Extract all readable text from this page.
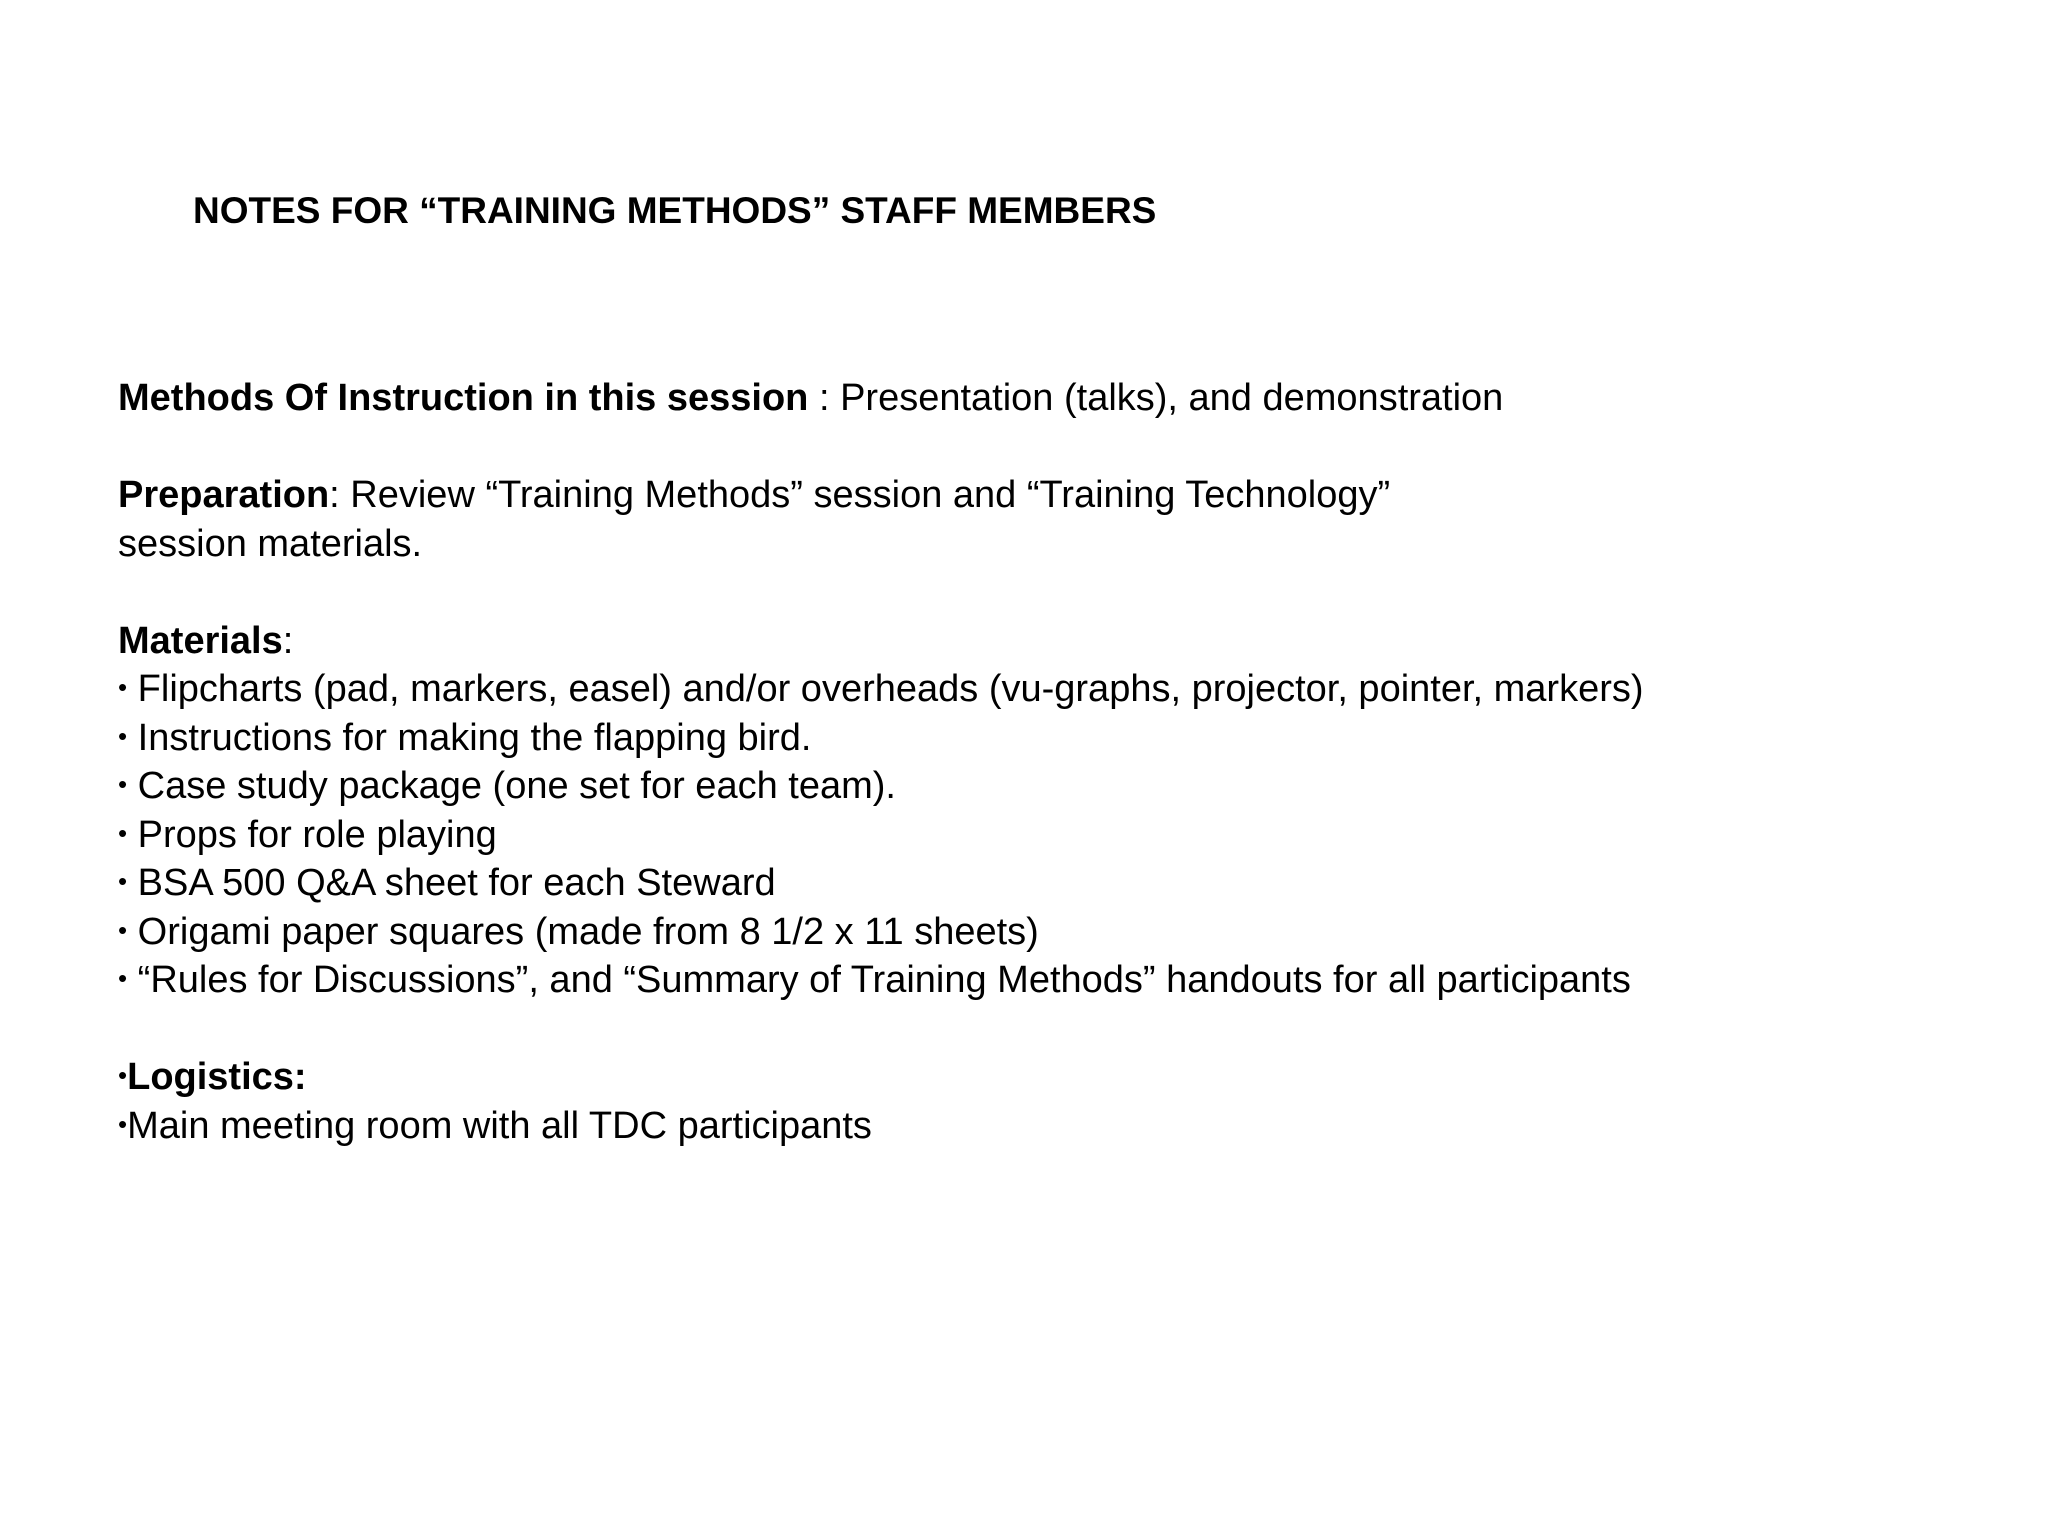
NOTES FOR “TRAINING METHODS” STAFF MEMBERS

Methods Of Instruction in this session : Presentation (talks), and demonstration

Preparation: Review “Training Methods” session and “Training Technology”

session materials.

Materials:

• Flipcharts (pad, markers, easel) and/or overheads (vu-graphs, projector, pointer, markers)
• Instructions for making the flapping bird.
• Case study package (one set for each team).
• Props for role playing
• BSA 500 Q&A sheet for each Steward
• Origami paper squares (made from 8 1/2 x 11 sheets)
• “Rules for Discussions”, and “Summary of Training Methods” handouts for all participants

•Logistics:

•Main meeting room with all TDC participants
